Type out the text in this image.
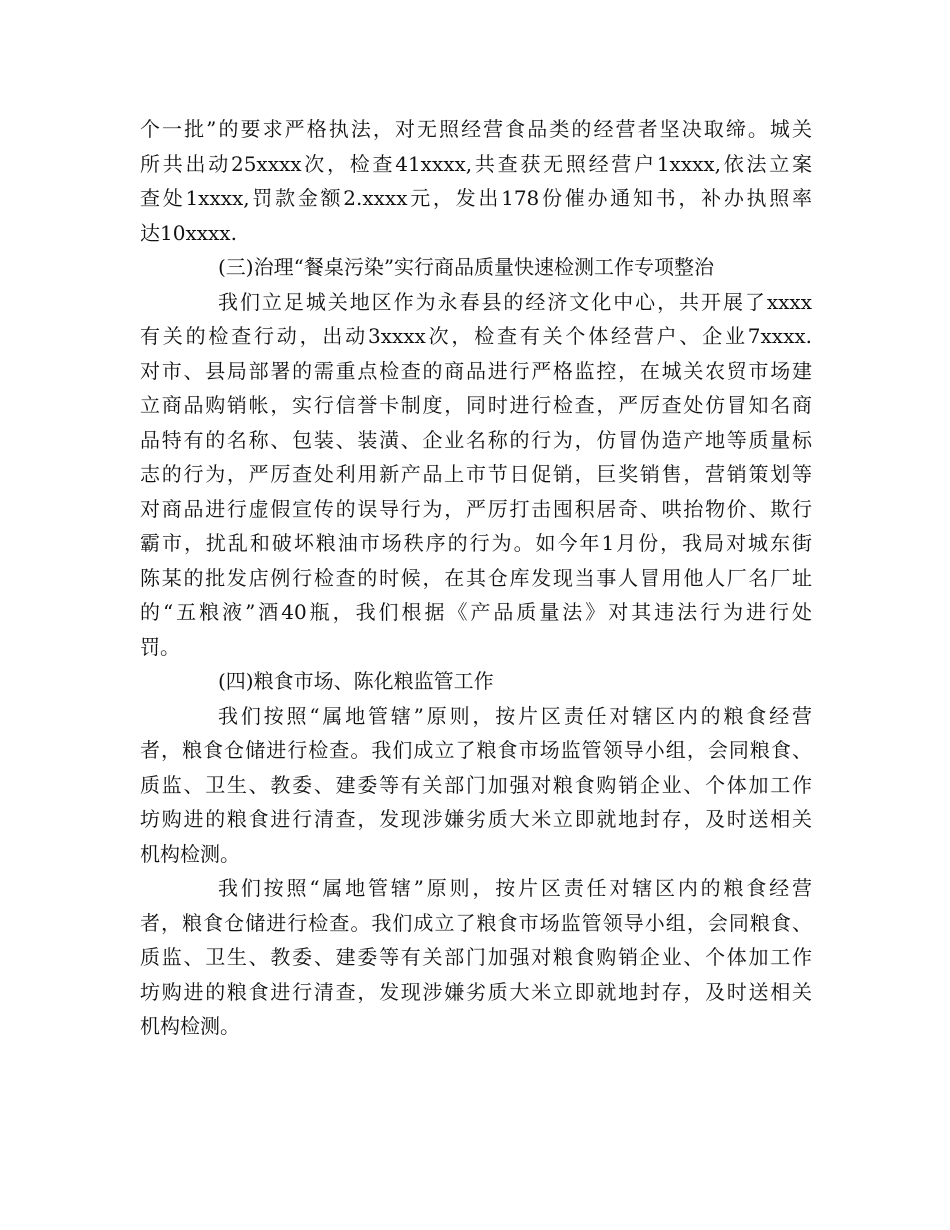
个一批”的要求严格执法，对无照经营食品类的经营者坚决取缔。城关
所共出动25xxxx次，检查41xxxx,共查获无照经营户1xxxx,依法立案
查处1xxxx,罚款金额2.xxxx元，发出178份催办通知书，补办执照率
达10xxxx.
(三)治理“餐桌污染”实行商品质量快速检测工作专项整治
我们立足城关地区作为永春县的经济文化中心，共开展了xxxx
有关的检查行动，出动3xxxx次，检查有关个体经营户、企业7xxxx.
对市、县局部署的需重点检查的商品进行严格监控，在城关农贸市场建
立商品购销帐，实行信誉卡制度，同时进行检查，严厉查处仿冒知名商
品特有的名称、包装、装潢、企业名称的行为，仿冒伪造产地等质量标
志的行为，严厉查处利用新产品上市节日促销，巨奖销售，营销策划等
对商品进行虚假宣传的误导行为，严厉打击囤积居奇、哄抬物价、欺行
霸市，扰乱和破坏粮油市场秩序的行为。如今年1月份，我局对城东街
陈某的批发店例行检查的时候，在其仓库发现当事人冒用他人厂名厂址
的“五粮液”酒40瓶，我们根据《产品质量法》对其违法行为进行处
罚。
(四)粮食市场、陈化粮监管工作
我们按照“属地管辖”原则，按片区责任对辖区内的粮食经营
者，粮食仓储进行检查。我们成立了粮食市场监管领导小组，会同粮食、
质监、卫生、教委、建委等有关部门加强对粮食购销企业、个体加工作
坊购进的粮食进行清查，发现涉嫌劣质大米立即就地封存，及时送相关
机构检测。
我们按照“属地管辖”原则，按片区责任对辖区内的粮食经营
者，粮食仓储进行检查。我们成立了粮食市场监管领导小组，会同粮食、
质监、卫生、教委、建委等有关部门加强对粮食购销企业、个体加工作
坊购进的粮食进行清查，发现涉嫌劣质大米立即就地封存，及时送相关
机构检测。
